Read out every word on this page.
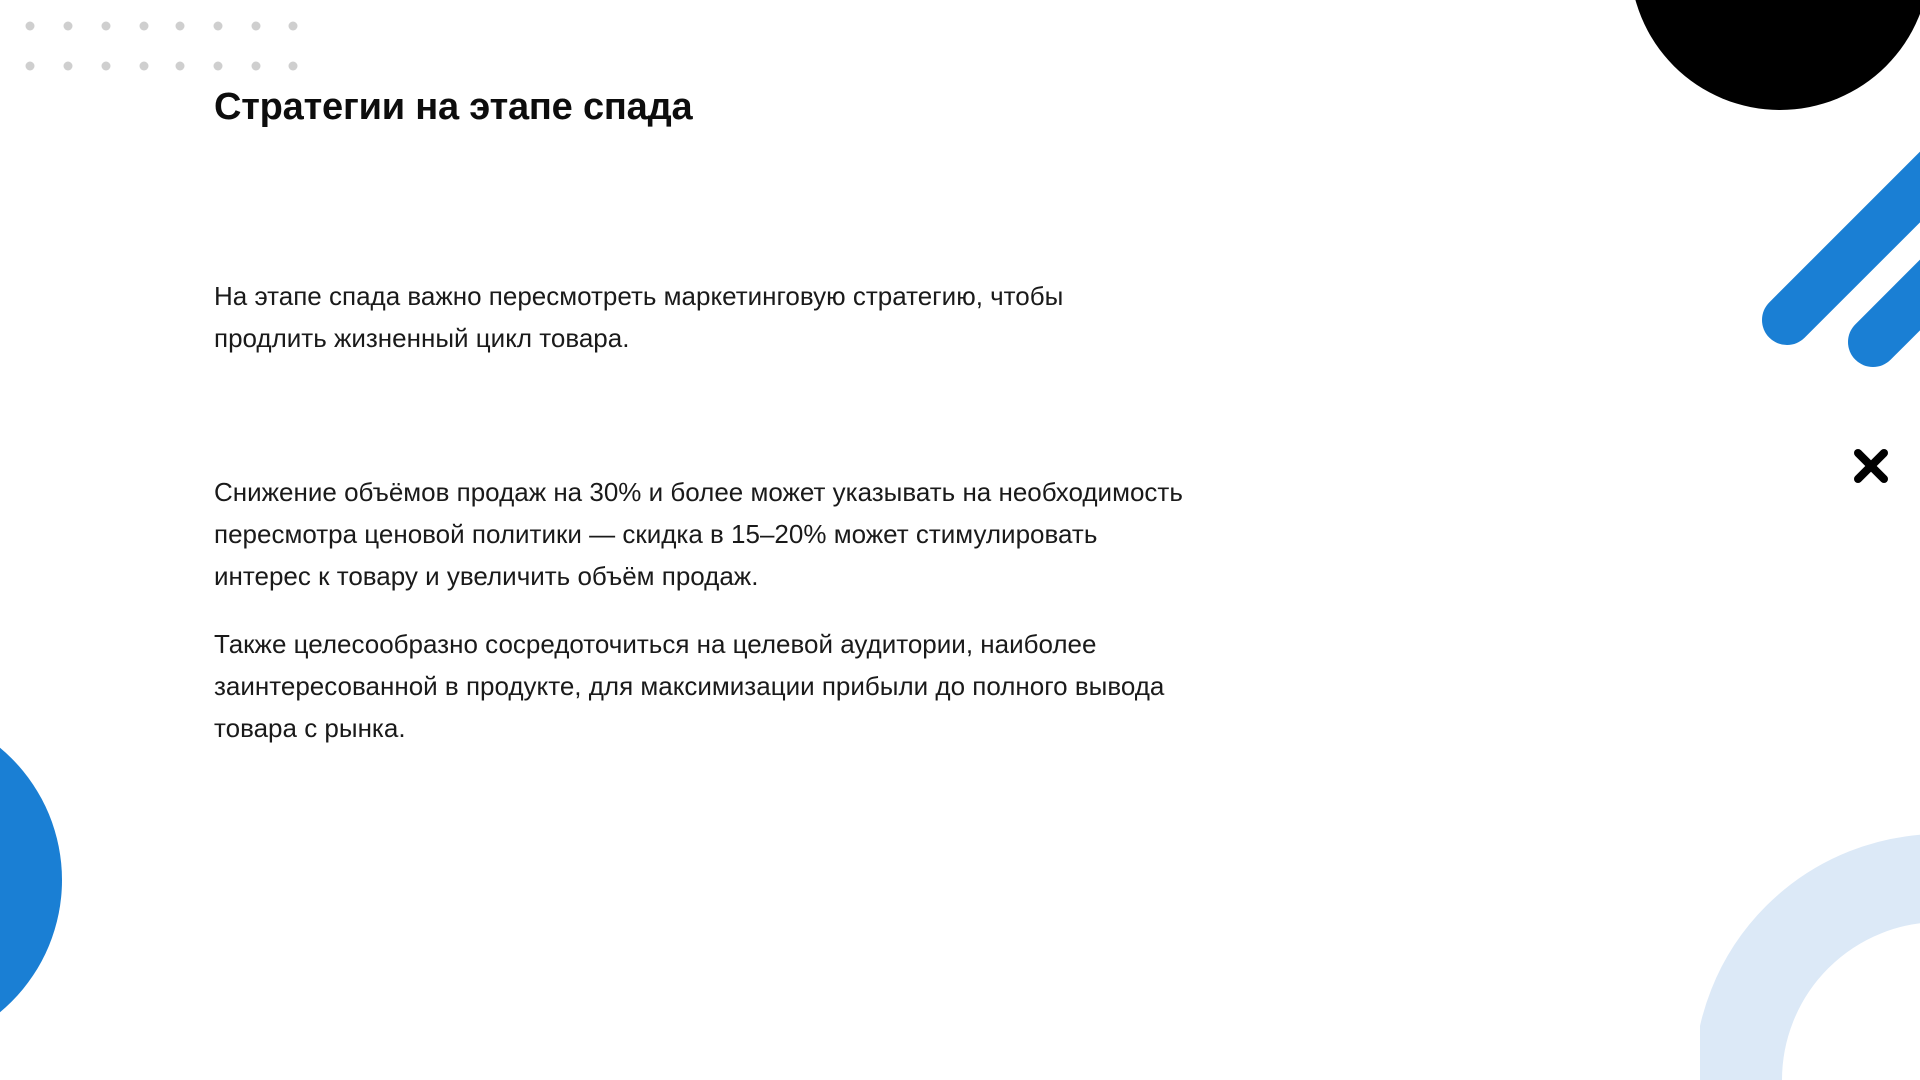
Стратегии на этапе спада

На этапе спада важно пересмотреть маркетинговую стратегию, чтобы продлить жизненный цикл товара.

Снижение объёмов продаж на 30% и более может указывать на необходимость пересмотра ценовой политики — скидка в 15–20% может стимулировать интерес к товару и увеличить объём продаж.

Также целесообразно сосредоточиться на целевой аудитории, наиболее заинтересованной в продукте, для максимизации прибыли до полного вывода товара с рынка.
